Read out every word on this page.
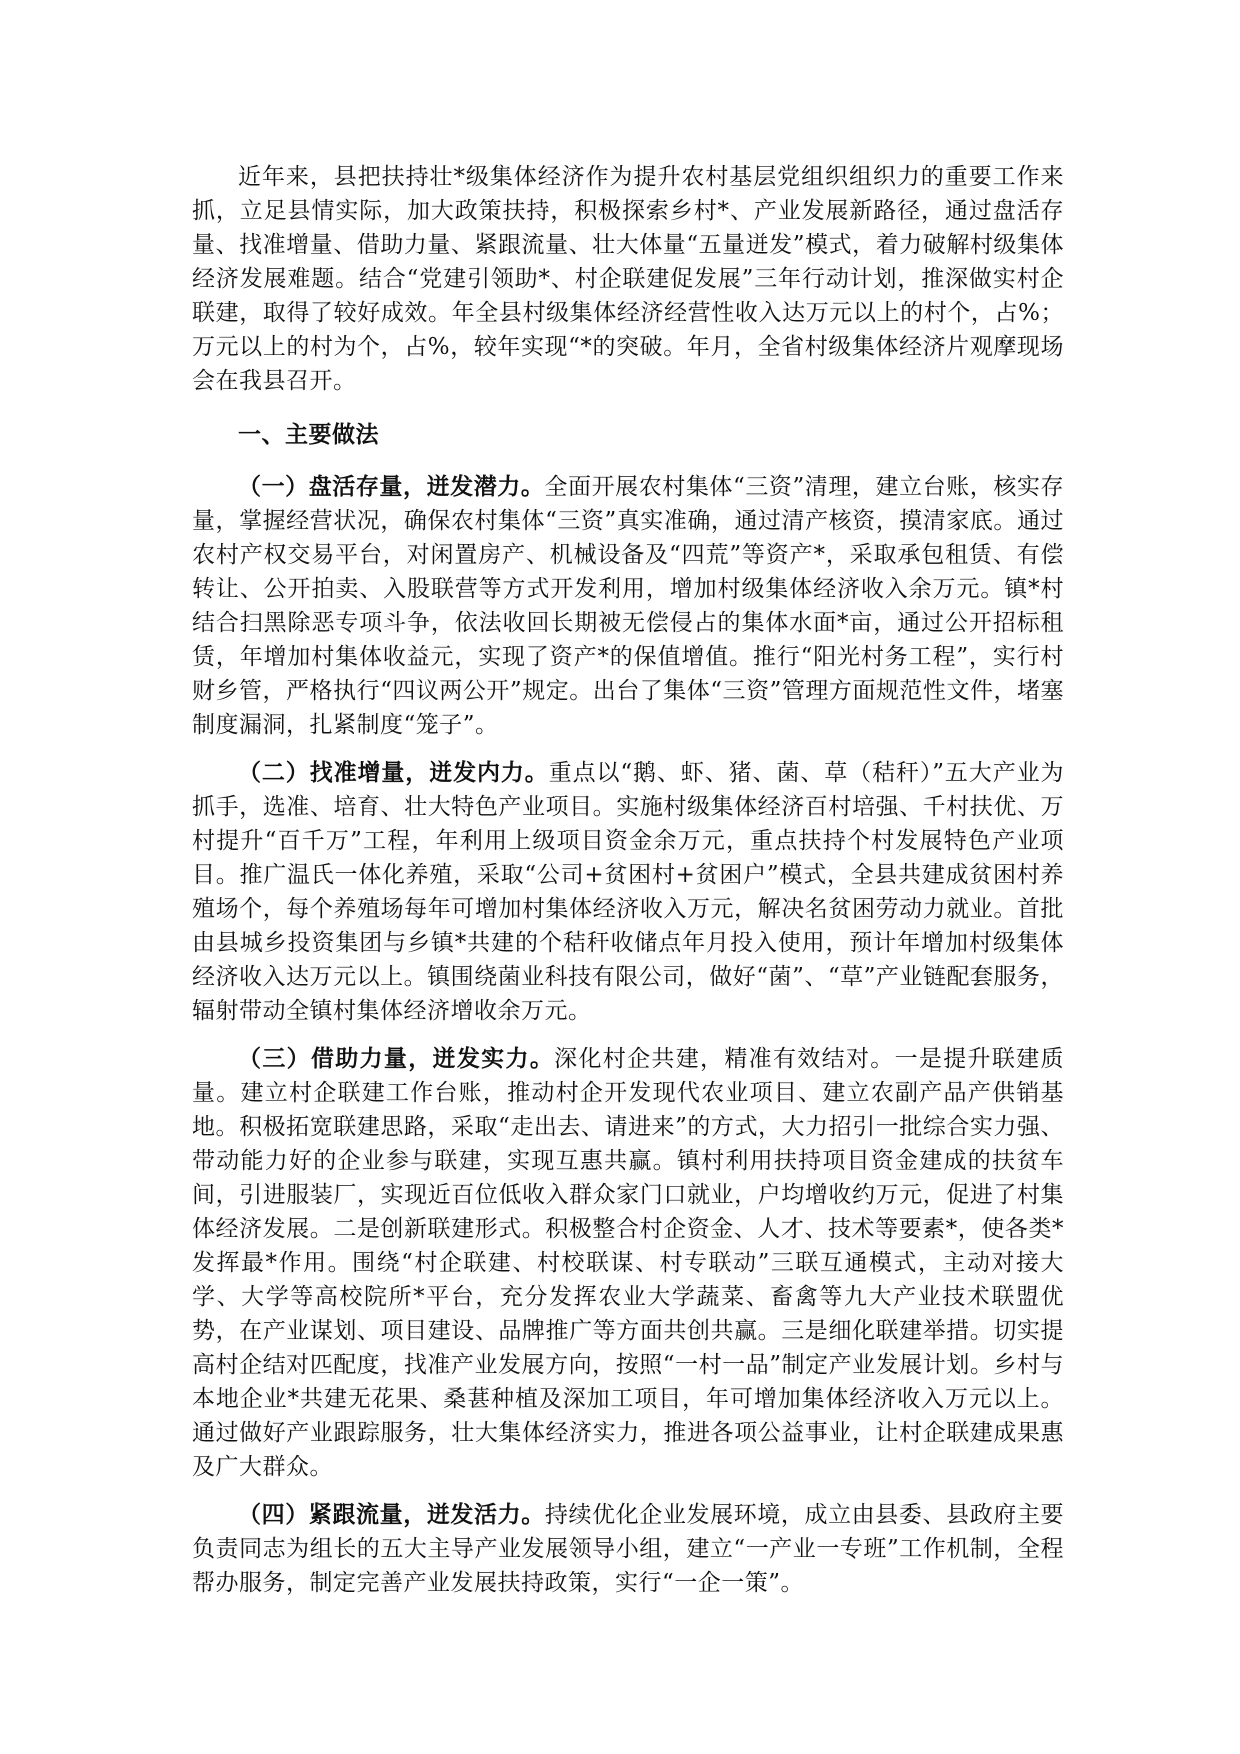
近年来，县把扶持壮*级集体经济作为提升农村基层党组织组织力的重要工作来抓，立足县情实际，加大政策扶持，积极探索乡村*、产业发展新路径，通过盘活存量、找准增量、借助力量、紧跟流量、壮大体量“五量迸发”模式，着力破解村级集体经济发展难题。结合“党建引领助*、村企联建促发展”三年行动计划，推深做实村企联建，取得了较好成效。年全县村级集体经济经营性收入达万元以上的村个，占%；万元以上的村为个，占%，较年实现“*的突破。年月，全省村级集体经济片观摩现场会在我县召开。

一、主要做法

（一）盘活存量，迸发潜力。全面开展农村集体“三资”清理，建立台账，核实存量，掌握经营状况，确保农村集体“三资”真实准确，通过清产核资，摸清家底。通过农村产权交易平台，对闲置房产、机械设备及“四荒”等资产*，采取承包租赁、有偿转让、公开拍卖、入股联营等方式开发利用，增加村级集体经济收入余万元。镇*村结合扫黑除恶专项斗争，依法收回长期被无偿侵占的集体水面*亩，通过公开招标租赁，年增加村集体收益元，实现了资产*的保值增值。推行“阳光村务工程”，实行村财乡管，严格执行“四议两公开”规定。出台了集体“三资”管理方面规范性文件，堵塞制度漏洞，扎紧制度“笼子”。

（二）找准增量，迸发内力。重点以“鹅、虾、猪、菌、草（秸秆）”五大产业为抓手，选准、培育、壮大特色产业项目。实施村级集体经济百村培强、千村扶优、万村提升“百千万”工程，年利用上级项目资金余万元，重点扶持个村发展特色产业项目。推广温氏一体化养殖，采取“公司+贫困村+贫困户”模式，全县共建成贫困村养殖场个，每个养殖场每年可增加村集体经济收入万元，解决名贫困劳动力就业。首批由县城乡投资集团与乡镇*共建的个秸秆收储点年月投入使用，预计年增加村级集体经济收入达万元以上。镇围绕菌业科技有限公司，做好“菌”、“草”产业链配套服务，辐射带动全镇村集体经济增收余万元。

（三）借助力量，迸发实力。深化村企共建，精准有效结对。一是提升联建质量。建立村企联建工作台账，推动村企开发现代农业项目、建立农副产品产供销基地。积极拓宽联建思路，采取“走出去、请进来”的方式，大力招引一批综合实力强、带动能力好的企业参与联建，实现互惠共赢。镇村利用扶持项目资金建成的扶贫车间，引进服装厂，实现近百位低收入群众家门口就业，户均增收约万元，促进了村集体经济发展。二是创新联建形式。积极整合村企资金、人才、技术等要素*，使各类*发挥最*作用。围绕“村企联建、村校联谋、村专联动”三联互通模式，主动对接大学、大学等高校院所*平台，充分发挥农业大学蔬菜、畜禽等九大产业技术联盟优势，在产业谋划、项目建设、品牌推广等方面共创共赢。三是细化联建举措。切实提高村企结对匹配度，找准产业发展方向，按照“一村一品”制定产业发展计划。乡村与本地企业*共建无花果、桑葚种植及深加工项目，年可增加集体经济收入万元以上。通过做好产业跟踪服务，壮大集体经济实力，推进各项公益事业，让村企联建成果惠及广大群众。

（四）紧跟流量，迸发活力。持续优化企业发展环境，成立由县委、县政府主要负责同志为组长的五大主导产业发展领导小组，建立“一产业一专班”工作机制，全程帮办服务，制定完善产业发展扶持政策，实行“一企一策”。
